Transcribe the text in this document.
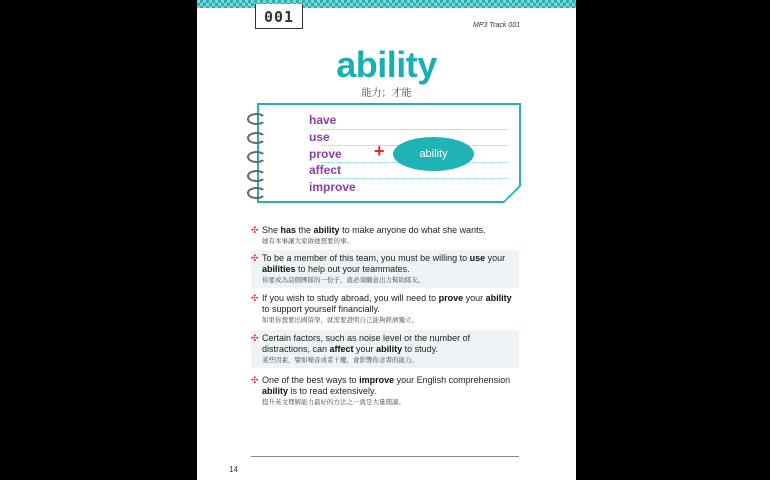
001	MP3 Track 001
ability
能力；才能
have
use
prove
affect
improve
+	ability
✣ She has the ability to make anyone do what she wants.
她有本事讓大家做她想要的事。
✣ To be a member of this team, you must be willing to use your abilities to help out your teammates.
你要成為這個團隊的一份子，就必須願意出力幫助隊友。
✣ If you wish to study abroad, you will need to prove your ability to support yourself financially.
如果你想要出國留學，就需要證明自己能夠經濟獨立。
✣ Certain factors, such as noise level or the number of distractions, can affect your ability to study.
某些因素，譬如噪音或者干擾，會影響你念書的能力。
✣ One of the best ways to improve your English comprehension ability is to read extensively.
提升英文理解能力最好的方法之一就是大量閱讀。
14
